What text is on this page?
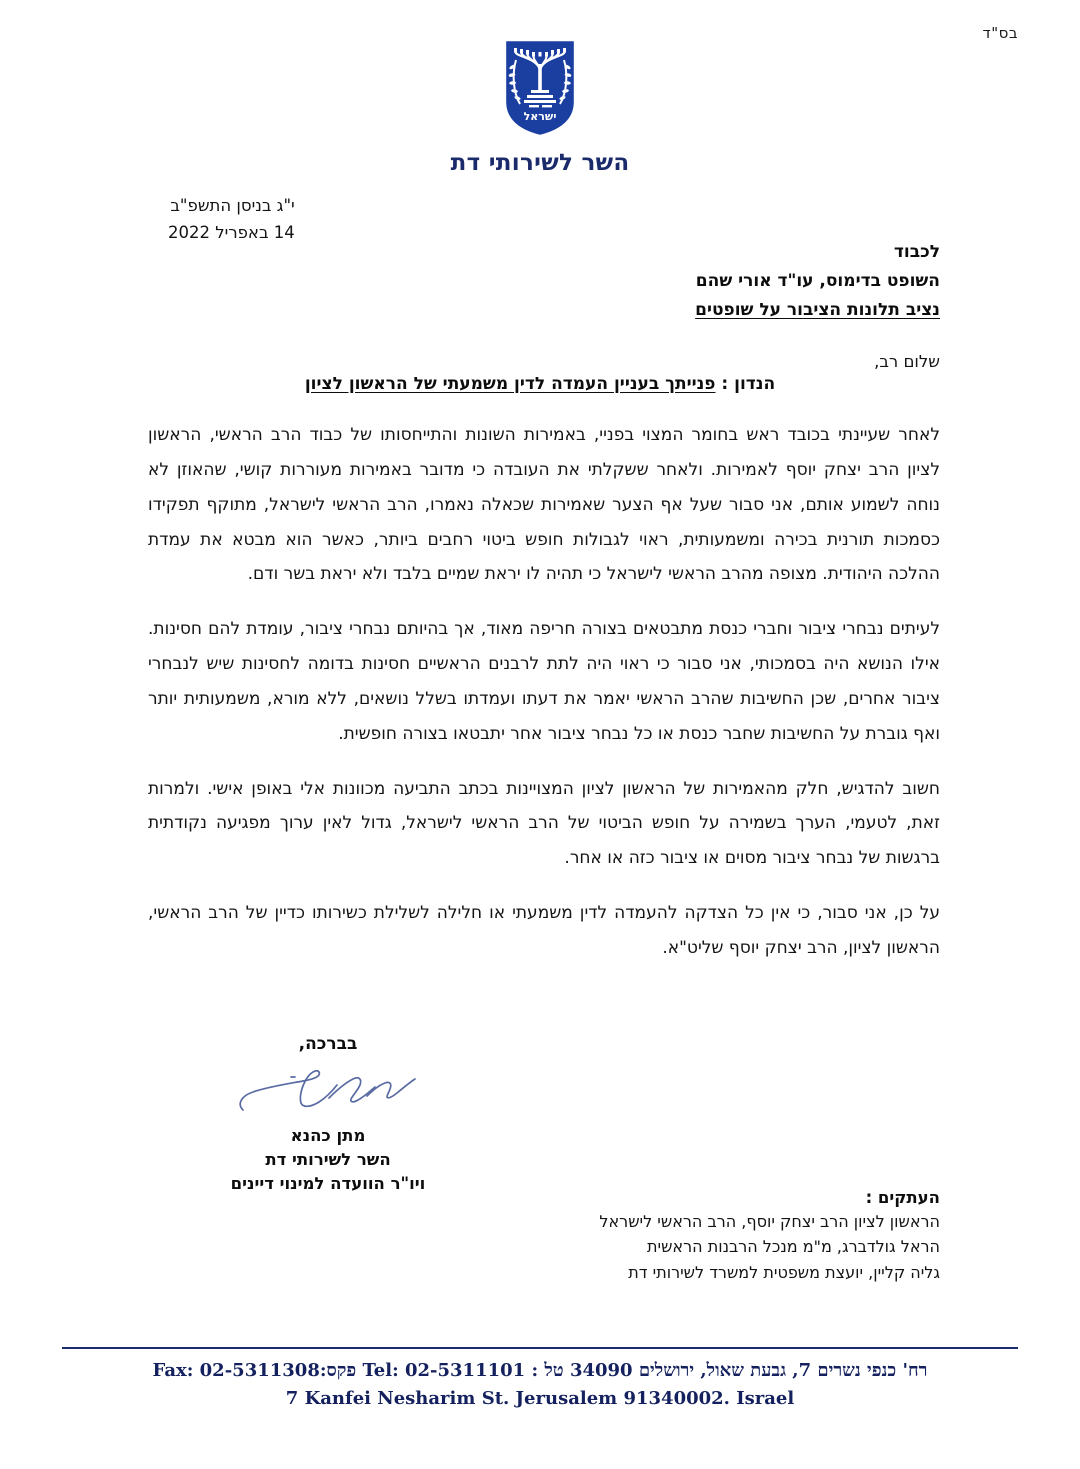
בס"ד
ישראל
השר לשירותי דת
י"ג בניסן התשפ"ב
14 באפריל 2022
לכבוד
השופט בדימוס, עו"ד אורי שהם
נציב תלונות הציבור על שופטים
שלום רב,
הנדון : פנייתך בעניין העמדה לדין משמעתי של הראשון לציון

לאחר שעיינתי בכובד ראש בחומר המצוי בפניי, באמירות השונות והתייחסותו של כבוד הרב הראשי, הראשון לציון הרב יצחק יוסף לאמירות. ולאחר ששקלתי את העובדה כי מדובר באמירות מעוררות קושי, שהאוזן לא נוחה לשמוע אותם, אני סבור שעל אף הצער שאמירות שכאלה נאמרו, הרב הראשי לישראל, מתוקף תפקידו כסמכות תורנית בכירה ומשמעותית, ראוי לגבולות חופש ביטוי רחבים ביותר, כאשר הוא מבטא את עמדת ההלכה היהודית. מצופה מהרב הראשי לישראל כי תהיה לו יראת שמיים בלבד ולא יראת בשר ודם.

לעיתים נבחרי ציבור וחברי כנסת מתבטאים בצורה חריפה מאוד, אך בהיותם נבחרי ציבור, עומדת להם חסינות. אילו הנושא היה בסמכותי, אני סבור כי ראוי היה לתת לרבנים הראשיים חסינות בדומה לחסינות שיש לנבחרי ציבור אחרים, שכן החשיבות שהרב הראשי יאמר את דעתו ועמדתו בשלל נושאים, ללא מורא, משמעותית יותר ואף גוברת על החשיבות שחבר כנסת או כל נבחר ציבור אחר יתבטאו בצורה חופשית.

חשוב להדגיש, חלק מהאמירות של הראשון לציון המצויינות בכתב התביעה מכוונות אלי באופן אישי. ולמרות זאת, לטעמי, הערך בשמירה על חופש הביטוי של הרב הראשי לישראל, גדול לאין ערוך מפגיעה נקודתית ברגשות של נבחר ציבור מסוים או ציבור כזה או אחר.

על כן, אני סבור, כי אין כל הצדקה להעמדה לדין משמעתי או חלילה לשלילת כשירותו כדיין של הרב הראשי, הראשון לציון, הרב יצחק יוסף שליט"א.

בברכה,
מתן כהנא
השר לשירותי דת
ויו"ר הוועדה למינוי דיינים
העתקים :
הראשון לציון הרב יצחק יוסף, הרב הראשי לישראל
הראל גולדברג, מ"מ מנכל הרבנות הראשית
גליה קליין, יועצת משפטית למשרד לשירותי דת
רח' כנפי נשרים 7, גבעת שאול, ירושלים 34090 טל : 02-5311101 :Tel פקס:02-5311308 :Fax
7 Kanfei Nesharim St. Jerusalem 91340002. Israel
